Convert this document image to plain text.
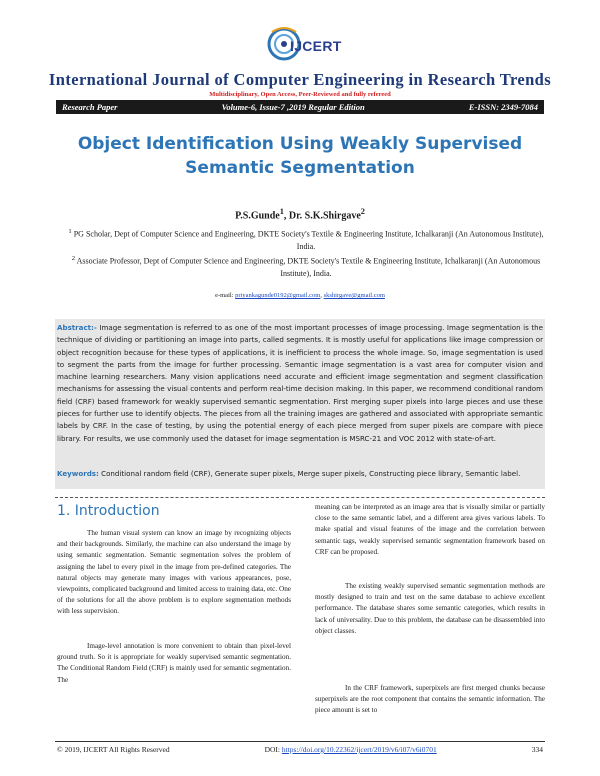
IJCERT
International Journal of Computer Engineering in Research Trends
Multidisciplinary, Open Access, Peer-Reviewed and fully refereed
Research Paper	Volume-6, Issue-7 ,2019 Regular Edition	E-ISSN: 2349-7084
Object Identification Using Weakly Supervised
Semantic Segmentation
P.S.Gunde$^1$, Dr. S.K.Shirgave$^2$
$^1$ PG Scholar, Dept of Computer Science and Engineering, DKTE Society's Textile & Engineering Institute, Ichalkaranji (An Autonomous Institute), India.
$^2$ Associate Professor, Dept of Computer Science and Engineering, DKTE Society's Textile & Engineering Institute, Ichalkaranji (An Autonomous Institute), India.
e-mail: priyankagunde0192@gmail.com, skshirgave@gmail.com
Abstract:- Image segmentation is referred to as one of the most important processes of image processing. Image segmentation is the technique of dividing or partitioning an image into parts, called segments. It is mostly useful for applications like image compression or object recognition because for these types of applications, it is inefficient to process the whole image. So, image segmentation is used to segment the parts from the image for further processing. Semantic image segmentation is a vast area for computer vision and machine learning researchers. Many vision applications need accurate and efficient image segmentation and segment classification mechanisms for assessing the visual contents and perform real-time decision making. In this paper, we recommend conditional random field (CRF) based framework for weakly supervised semantic segmentation. First merging super pixels into large pieces and use these pieces for further use to identify objects. The pieces from all the training images are gathered and associated with appropriate semantic labels by CRF. In the case of testing, by using the potential energy of each piece merged from super pixels are compare with piece library. For results, we use commonly used the dataset for image segmentation is MSRC-21 and VOC 2012 with state-of-art.
Keywords: Conditional random field (CRF), Generate super pixels, Merge super pixels, Constructing piece library, Semantic label.
1. Introduction

The human visual system can know an image by recognizing objects and their backgrounds. Similarly, the machine can also understand the image by using semantic segmentation. Semantic segmentation solves the problem of assigning the label to every pixel in the image from pre-defined categories. The natural objects may generate many images with various appearances, pose, viewpoints, complicated background and limited access to training data, etc. One of the solutions for all the above problem is to explore segmentation methods with less supervision.

Image-level annotation is more convenient to obtain than pixel-level ground truth. So it is appropriate for weakly supervised semantic segmentation. The Conditional Random Field (CRF) is mainly used for semantic segmentation. The

meaning can be interpreted as an image area that is visually similar or partially close to the same semantic label, and a different area gives various labels. To make spatial and visual features of the image and the correlation between semantic tags, weakly supervised semantic segmentation framework based on CRF can be proposed.

The existing weakly supervised semantic segmentation methods are mostly designed to train and test on the same database to achieve excellent performance. The database shares some semantic categories, which results in lack of universality. Due to this problem, the database can be disassembled into object classes.

In the CRF framework, superpixels are first merged chunks because superpixels are the root component that contains the semantic information. The piece amount is set to

© 2019, IJCERT All Rights Reserved	DOI: https://doi.org/10.22362/ijcert/2019/v6/i07/v6i0701	334
